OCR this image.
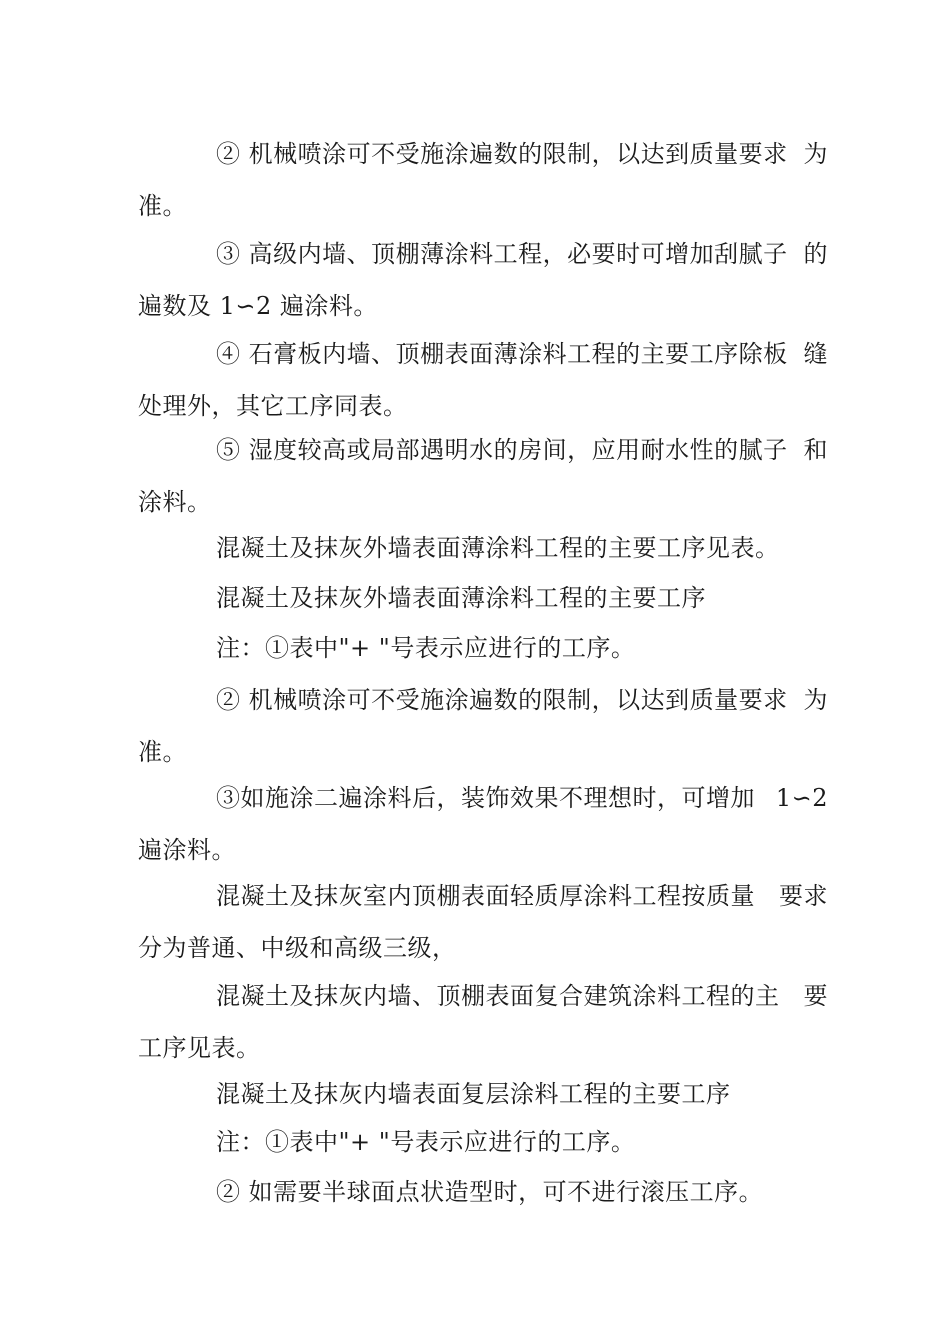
② 机械喷涂可不受施涂遍数的限制，以达到质量要求 为
准。
③ 高级内墙、顶棚薄涂料工程，必要时可增加刮腻子 的
遍数及 1∽2 遍涂料。
④ 石膏板内墙、顶棚表面薄涂料工程的主要工序除板 缝
处理外，其它工序同表。
⑤ 湿度较高或局部遇明水的房间，应用耐水性的腻子 和
涂料。
混凝土及抹灰外墙表面薄涂料工程的主要工序见表。
混凝土及抹灰外墙表面薄涂料工程的主要工序
注：①表中"+ "号表示应进行的工序。
② 机械喷涂可不受施涂遍数的限制，以达到质量要求 为
准。
③如施涂二遍涂料后，装饰效果不理想时，可增加 1∽2
遍涂料。
混凝土及抹灰室内顶棚表面轻质厚涂料工程按质量 要求
分为普通、中级和高级三级，
混凝土及抹灰内墙、顶棚表面复合建筑涂料工程的主 要
工序见表。
混凝土及抹灰内墙表面复层涂料工程的主要工序
注：①表中"+ "号表示应进行的工序。
② 如需要半球面点状造型时，可不进行滚压工序。
